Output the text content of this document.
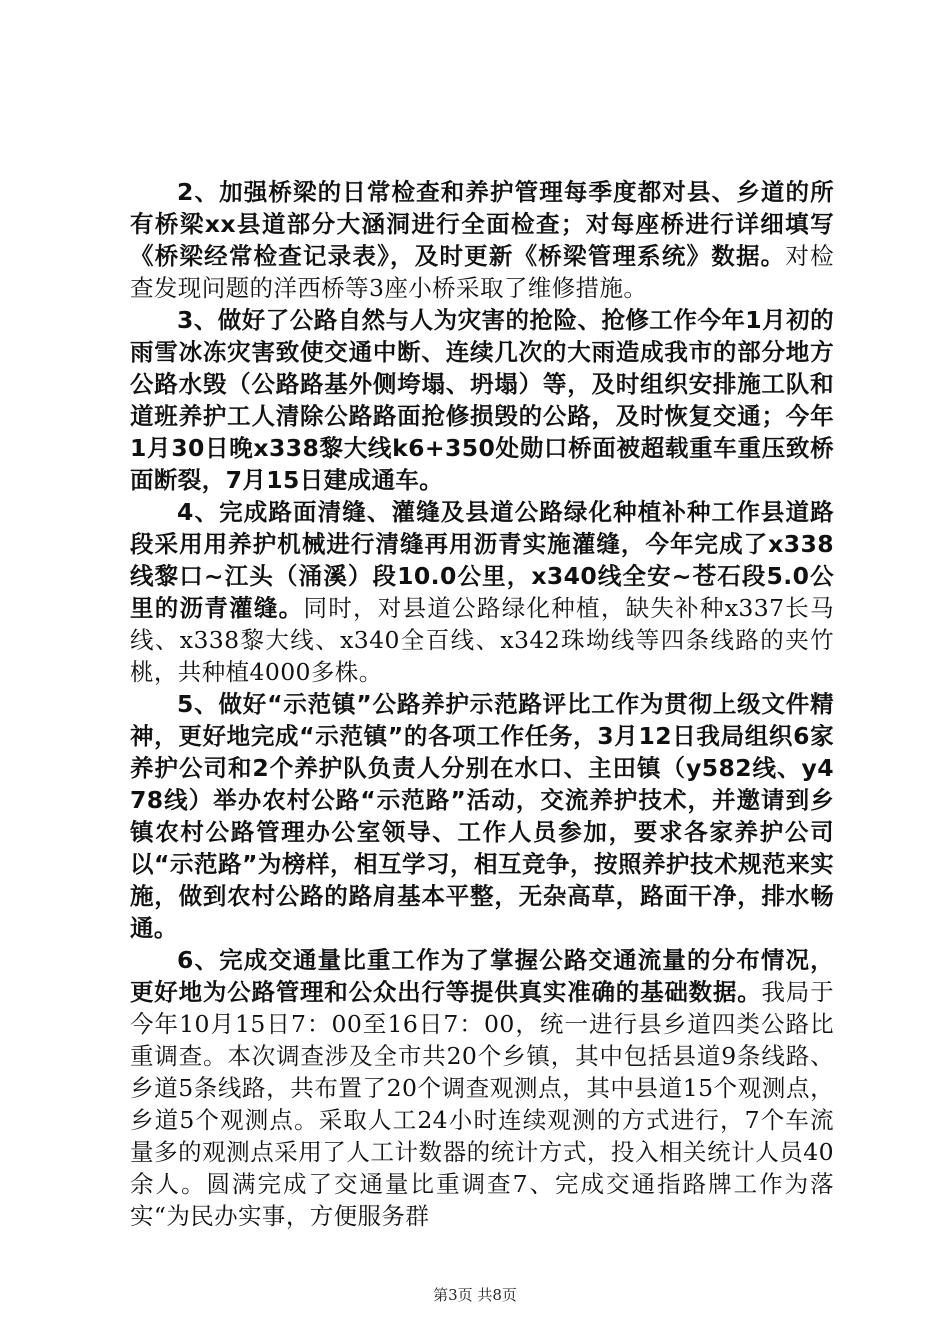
2、加强桥梁的日常检查和养护管理每季度都对县、乡道的所有桥梁xx县道部分大涵洞进行全面检查；对每座桥进行详细填写《桥梁经常检查记录表》，及时更新《桥梁管理系统》数据。对检查发现问题的洋西桥等3座小桥采取了维修措施。

3、做好了公路自然与人为灾害的抢险、抢修工作今年1月初的雨雪冰冻灾害致使交通中断、连续几次的大雨造成我市的部分地方公路水毁（公路路基外侧垮塌、坍塌）等，及时组织安排施工队和道班养护工人清除公路路面抢修损毁的公路，及时恢复交通；今年1月30日晚x338黎大线k6+350处勋口桥面被超载重车重压致桥面断裂，7月15日建成通车。

4、完成路面清缝、灌缝及县道公路绿化种植补种工作县道路段采用用养护机械进行清缝再用沥青实施灌缝，今年完成了x338线黎口~江头（涌溪）段10.0公里，x340线全安~苍石段5.0公里的沥青灌缝。同时，对县道公路绿化种植，缺失补种x337长马线、x338黎大线、x340全百线、x342珠坳线等四条线路的夹竹桃，共种植4000多株。

5、做好“示范镇”公路养护示范路评比工作为贯彻上级文件精神，更好地完成“示范镇”的各项工作任务，3月12日我局组织6家养护公司和2个养护队负责人分别在水口、主田镇（y582线、y478线）举办农村公路“示范路”活动，交流养护技术，并邀请到乡镇农村公路管理办公室领导、工作人员参加，要求各家养护公司以“示范路”为榜样，相互学习，相互竞争，按照养护技术规范来实施，做到农村公路的路肩基本平整，无杂高草，路面干净，排水畅通。

6、完成交通量比重工作为了掌握公路交通流量的分布情况，更好地为公路管理和公众出行等提供真实准确的基础数据。我局于今年10月15日7：00至16日7：00，统一进行县乡道四类公路比重调查。本次调查涉及全市共20个乡镇，其中包括县道9条线路、乡道5条线路，共布置了20个调查观测点，其中县道15个观测点，乡道5个观测点。采取人工24小时连续观测的方式进行，7个车流量多的观测点采用了人工计数器的统计方式，投入相关统计人员40余人。圆满完成了交通量比重调查7、完成交通指路牌工作为落实“为民办实事，方便服务群

第3页 共8页
